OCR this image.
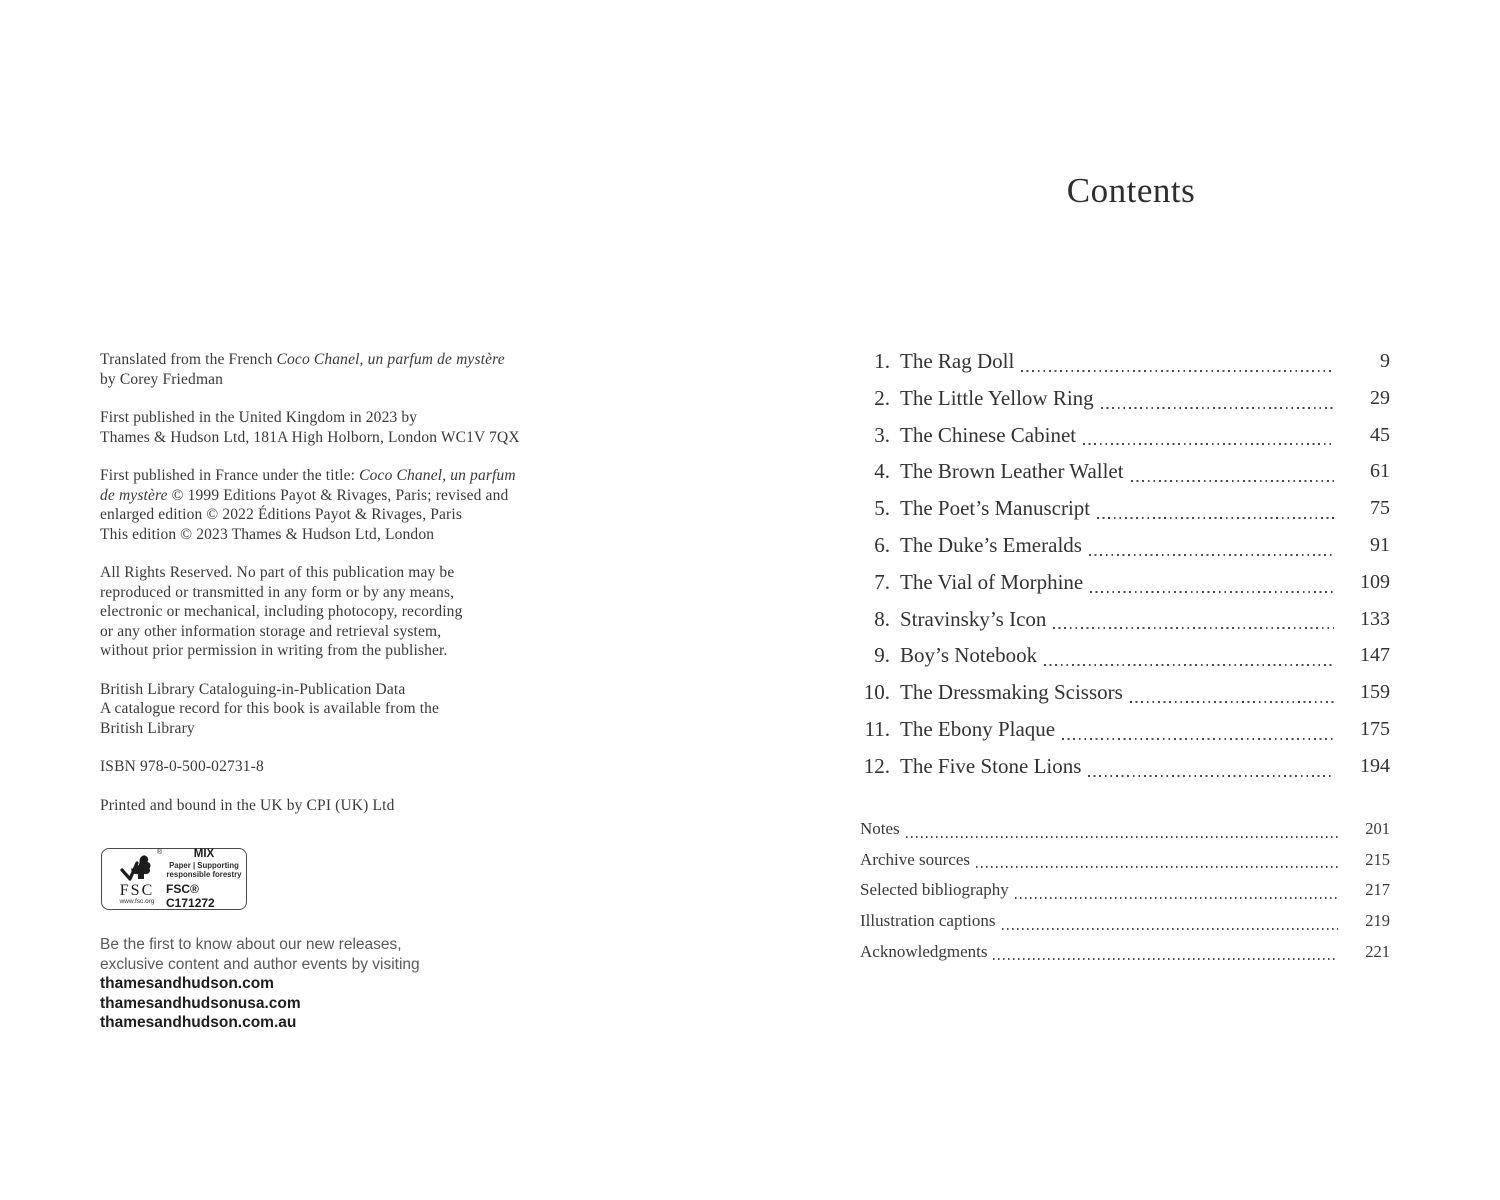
Translated from the French Coco Chanel, un parfum de mystère
by Corey Friedman

First published in the United Kingdom in 2023 by
Thames & Hudson Ltd, 181A High Holborn, London WC1V 7QX

First published in France under the title: Coco Chanel, un parfum
de mystère © 1999 Editions Payot & Rivages, Paris; revised and
enlarged edition © 2022 Éditions Payot & Rivages, Paris
This edition © 2023 Thames & Hudson Ltd, London

All Rights Reserved. No part of this publication may be
reproduced or transmitted in any form or by any means,
electronic or mechanical, including photocopy, recording
or any other information storage and retrieval system,
without prior permission in writing from the publisher.

British Library Cataloguing-in-Publication Data
A catalogue record for this book is available from the
British Library

ISBN 978-0-500-02731-8

Printed and bound in the UK by CPI (UK) Ltd

®
FSC
www.fsc.org
MIX
Paper | Supporting
responsible forestry
FSC® C171272
Be the first to know about our new releases,
exclusive content and author events by visiting
thamesandhudson.com
thamesandhudsonusa.com
thamesandhudson.com.au
Contents
1. The Rag Doll	9
2. The Little Yellow Ring	29
3. The Chinese Cabinet	45
4. The Brown Leather Wallet	61
5. The Poet’s Manuscript	75
6. The Duke’s Emeralds	91
7. The Vial of Morphine	109
8. Stravinsky’s Icon	133
9. Boy’s Notebook	147
10. The Dressmaking Scissors	159
11. The Ebony Plaque	175
12. The Five Stone Lions	194
Notes	201
Archive sources	215
Selected bibliography	217
Illustration captions	219
Acknowledgments	221
